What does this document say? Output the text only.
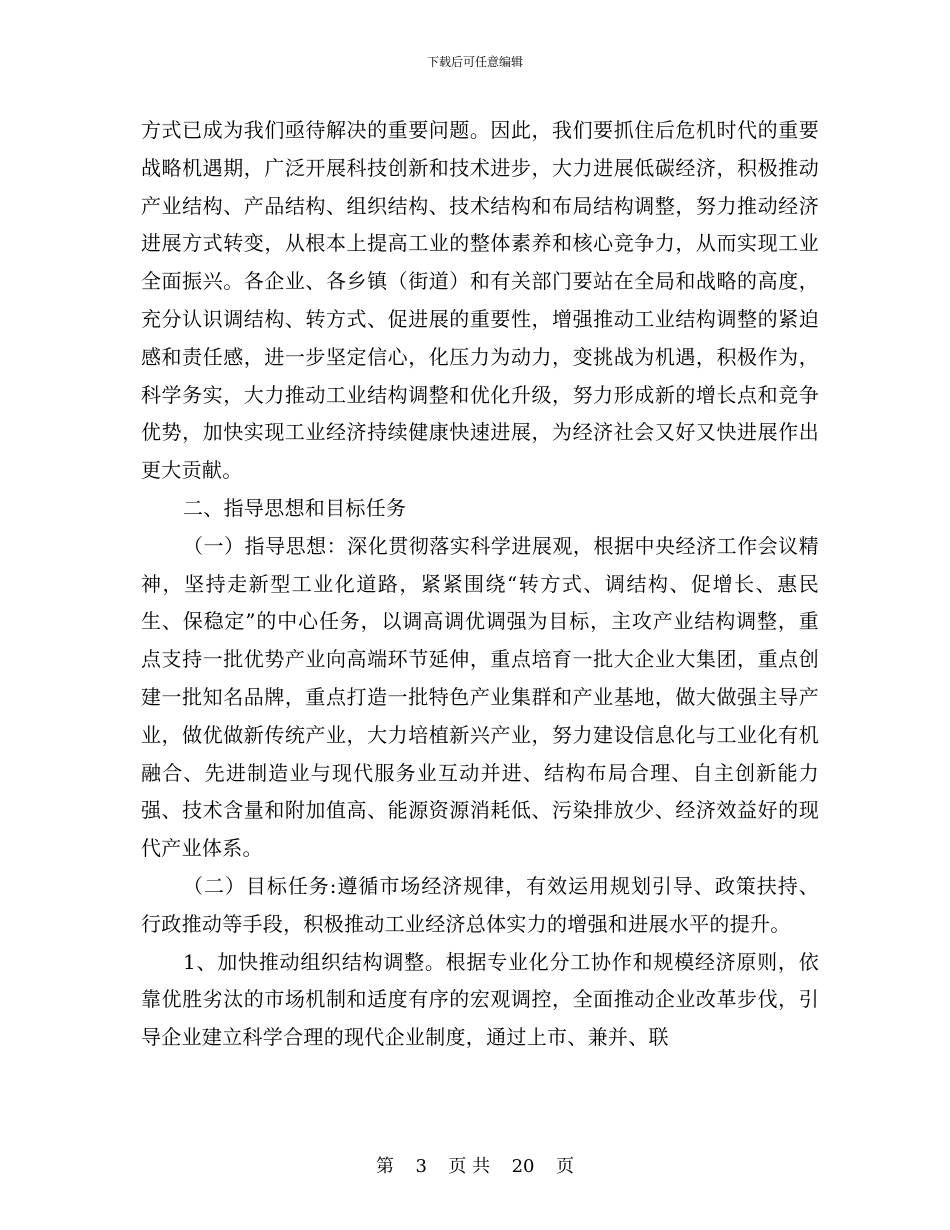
下载后可任意编辑

方式已成为我们亟待解决的重要问题。因此，我们要抓住后危机时代的重要战略机遇期，广泛开展科技创新和技术进步，大力进展低碳经济，积极推动产业结构、产品结构、组织结构、技术结构和布局结构调整，努力推动经济进展方式转变，从根本上提高工业的整体素养和核心竞争力，从而实现工业全面振兴。各企业、各乡镇（街道）和有关部门要站在全局和战略的高度，充分认识调结构、转方式、促进展的重要性，增强推动工业结构调整的紧迫感和责任感，进一步坚定信心，化压力为动力，变挑战为机遇，积极作为，科学务实，大力推动工业结构调整和优化升级，努力形成新的增长点和竞争优势，加快实现工业经济持续健康快速进展，为经济社会又好又快进展作出更大贡献。

二、指导思想和目标任务

（一）指导思想：深化贯彻落实科学进展观，根据中央经济工作会议精神，坚持走新型工业化道路，紧紧围绕“转方式、调结构、促增长、惠民生、保稳定”的中心任务，以调高调优调强为目标，主攻产业结构调整，重点支持一批优势产业向高端环节延伸，重点培育一批大企业大集团，重点创建一批知名品牌，重点打造一批特色产业集群和产业基地，做大做强主导产业，做优做新传统产业，大力培植新兴产业，努力建设信息化与工业化有机融合、先进制造业与现代服务业互动并进、结构布局合理、自主创新能力强、技术含量和附加值高、能源资源消耗低、污染排放少、经济效益好的现代产业体系。

（二）目标任务:遵循市场经济规律，有效运用规划引导、政策扶持、行政推动等手段，积极推动工业经济总体实力的增强和进展水平的提升。

1、加快推动组织结构调整。根据专业化分工协作和规模经济原则，依靠优胜劣汰的市场机制和适度有序的宏观调控，全面推动企业改革步伐，引导企业建立科学合理的现代企业制度，通过上市、兼并、联

第 3 页 共 20 页
